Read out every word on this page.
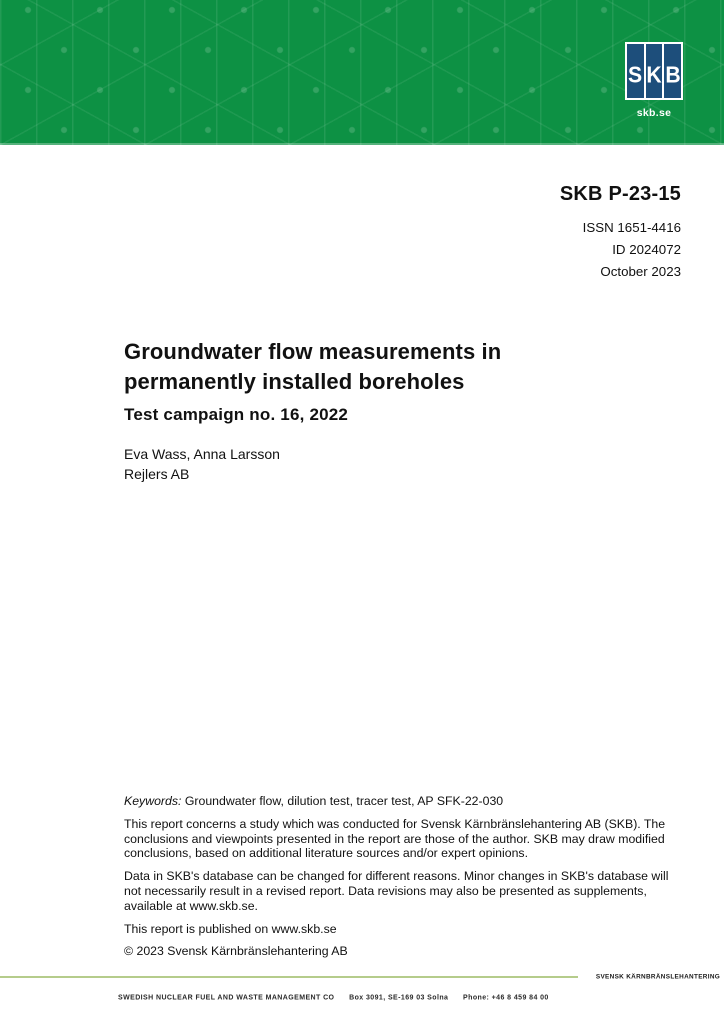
S K B
skb.se
SKB P-23-15
ISSN 1651-4416
ID 2024072
October 2023
Groundwater flow measurements in
permanently installed boreholes
Test campaign no. 16, 2022
Eva Wass, Anna Larsson
Rejlers AB

Keywords: Groundwater flow, dilution test, tracer test, AP SFK-22-030

This report concerns a study which was conducted for Svensk Kärnbränslehantering AB (SKB). The conclusions and viewpoints presented in the report are those of the author. SKB may draw modified conclusions, based on additional literature sources and/or expert opinions.

Data in SKB's database can be changed for different reasons. Minor changes in SKB's database will not necessarily result in a revised report. Data revisions may also be presented as supplements, available at www.skb.se.

This report is published on www.skb.se

© 2023 Svensk Kärnbränslehantering AB

SVENSK KÄRNBRÄNSLEHANTERING
SWEDISH NUCLEAR FUEL AND WASTE MANAGEMENT CO Box 3091, SE-169 03 Solna Phone: +46 8 459 84 00
